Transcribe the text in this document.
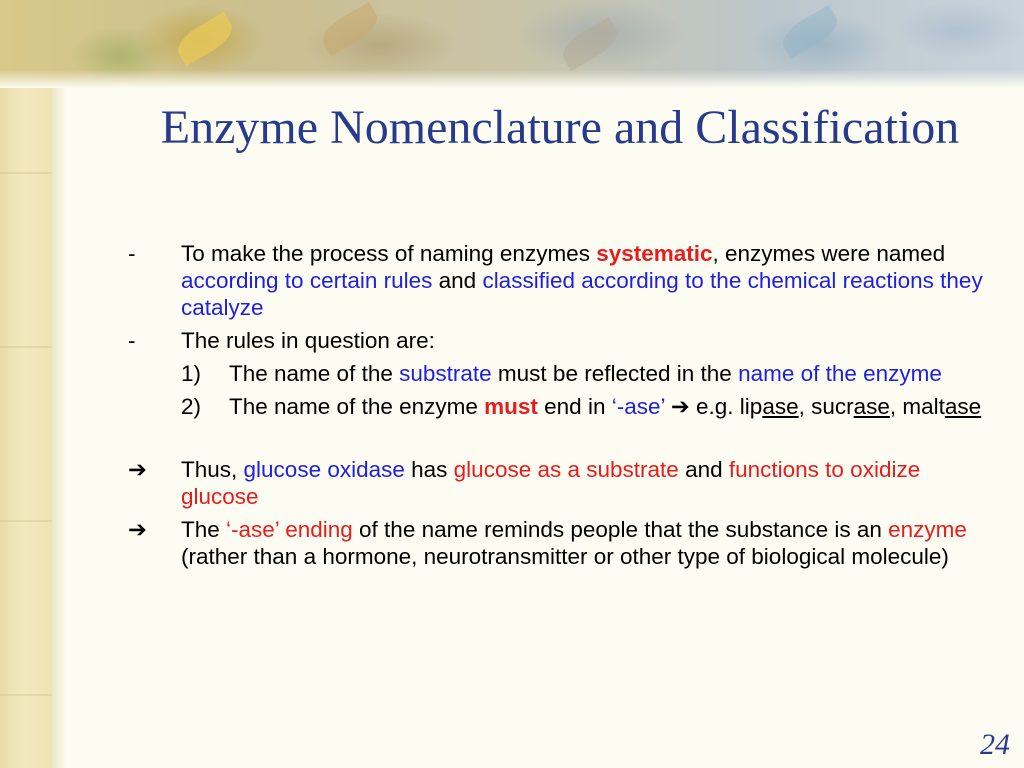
Enzyme Nomenclature and Classification
- To make the process of naming enzymes systematic, enzymes were named according to certain rules and classified according to the chemical reactions they catalyze
- The rules in question are:
1) The name of the substrate must be reflected in the name of the enzyme
2) The name of the enzyme must end in ‘-ase’ ➔ e.g. lipase, sucrase, maltase
➔ Thus, glucose oxidase has glucose as a substrate and functions to oxidize glucose
➔ The ‘-ase’ ending of the name reminds people that the substance is an enzyme (rather than a hormone, neurotransmitter or other type of biological molecule)
24
